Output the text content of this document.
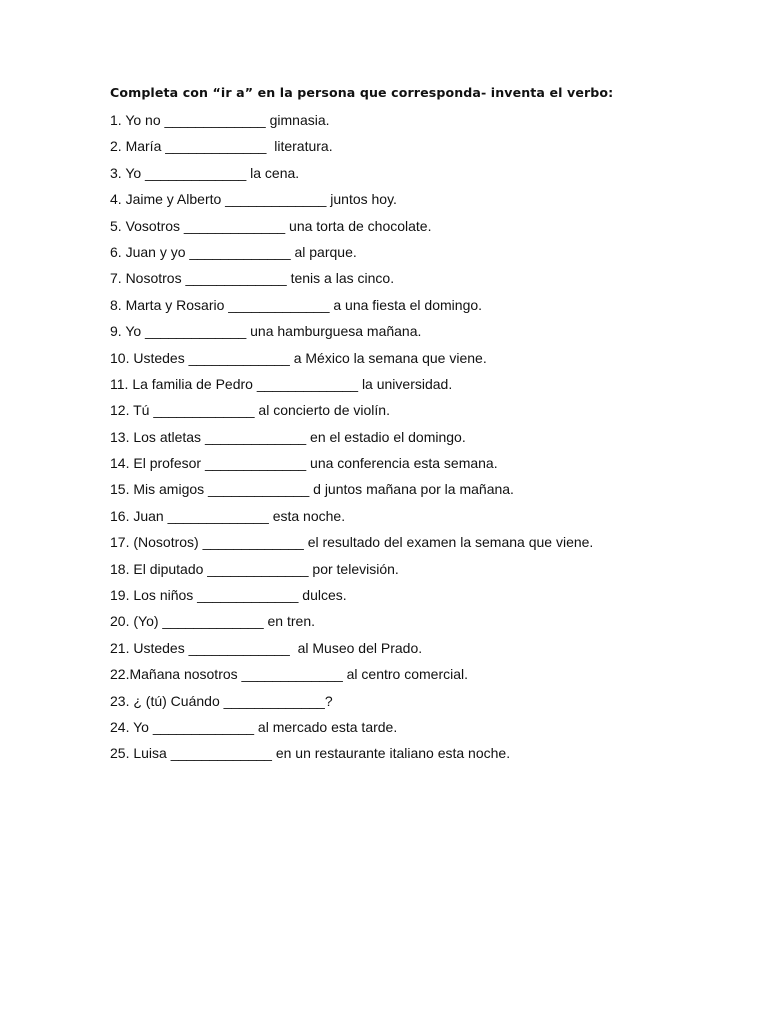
Completa con “ir a” en la persona que corresponda- inventa el verbo:
1. Yo no _____________ gimnasia.
2. María _____________  literatura.
3. Yo _____________ la cena.
4. Jaime y Alberto _____________ juntos hoy.
5. Vosotros _____________ una torta de chocolate.
6. Juan y yo _____________ al parque.
7. Nosotros _____________ tenis a las cinco.
8. Marta y Rosario _____________ a una fiesta el domingo.
9. Yo _____________ una hamburguesa mañana.
10. Ustedes _____________ a México la semana que viene.
11. La familia de Pedro _____________ la universidad.
12. Tú _____________ al concierto de violín.
13. Los atletas _____________ en el estadio el domingo.
14. El profesor _____________ una conferencia esta semana.
15. Mis amigos _____________ d juntos mañana por la mañana.
16. Juan _____________ esta noche.
17. (Nosotros) _____________ el resultado del examen la semana que viene.
18. El diputado _____________ por televisión.
19. Los niños _____________ dulces.
20. (Yo) _____________ en tren.
21. Ustedes _____________  al Museo del Prado.
22.Mañana nosotros _____________ al centro comercial.
23. ¿ (tú) Cuándo _____________?
24. Yo _____________ al mercado esta tarde.
25. Luisa _____________ en un restaurante italiano esta noche.
